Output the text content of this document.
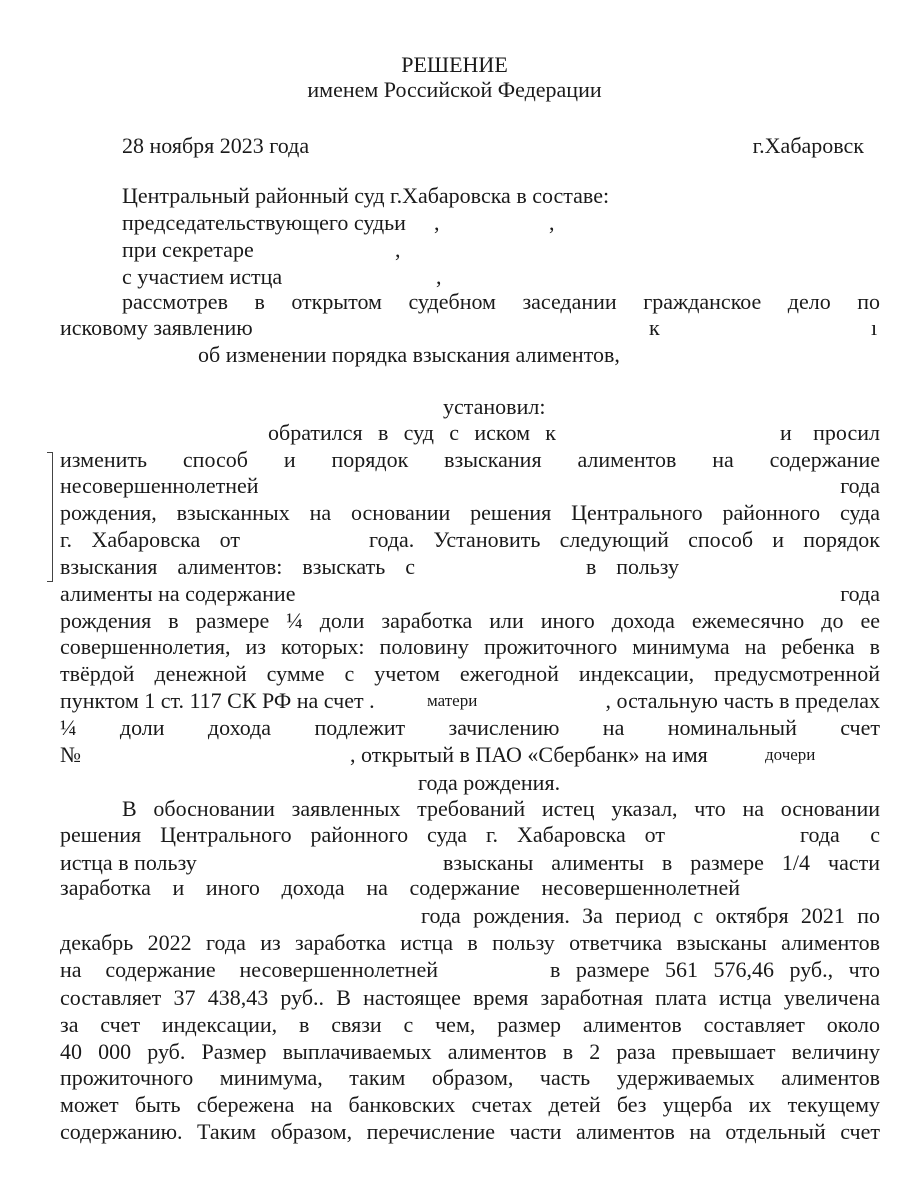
РЕШЕНИЕ
именем Российской Федерации
28 ноября 2023 года	г.Хабаровск
Центральный районный суд г.Хабаровска в составе:
председательствующего судьи ,	,
при секретаре	,
с участием истца	,
рассмотрев в открытом судебном заседании гражданское дело по
исковому заявлению	к	ı
об изменении порядка взыскания алиментов,
установил:
обратился в суд с иском к	и просил
изменить способ и порядок взыскания алиментов на содержание
несовершеннолетней	года
рождения, взысканных на основании решения Центрального районного суда
г. Хабаровска от	года. Установить следующий способ и порядок
взыскания алиментов: взыскать с	в пользу
алименты на содержание	года
рождения в размере ¼ доли заработка или иного дохода ежемесячно до ее
совершеннолетия, из которых: половину прожиточного минимума на ребенка в
твёрдой денежной сумме с учетом ежегодной индексации, предусмотренной
пунктом 1 ст. 117 СК РФ на счет .	матери	, остальную часть в пределах
¼ доли дохода подлежит зачислению на номинальный счет
№	, открытый в ПАО «Сбербанк» на имя	дочери
года рождения.
В обосновании заявленных требований истец указал, что на основании
решения Центрального районного суда г. Хабаровска от	года с
истца в пользу	взысканы алименты в размере 1/4 части
заработка и иного дохода на содержание несовершеннолетней
года рождения. За период с октября 2021 по
декабрь 2022 года из заработка истца в пользу ответчика взысканы алиментов
на содержание несовершеннолетней	в размере 561 576,46 руб., что
составляет 37 438,43 руб.. В настоящее время заработная плата истца увеличена
за счет индексации, в связи с чем, размер алиментов составляет около
40 000 руб. Размер выплачиваемых алиментов в 2 раза превышает величину
прожиточного минимума, таким образом, часть удерживаемых алиментов
может быть сбережена на банковских счетах детей без ущерба их текущему
содержанию. Таким образом, перечисление части алиментов на отдельный счет
